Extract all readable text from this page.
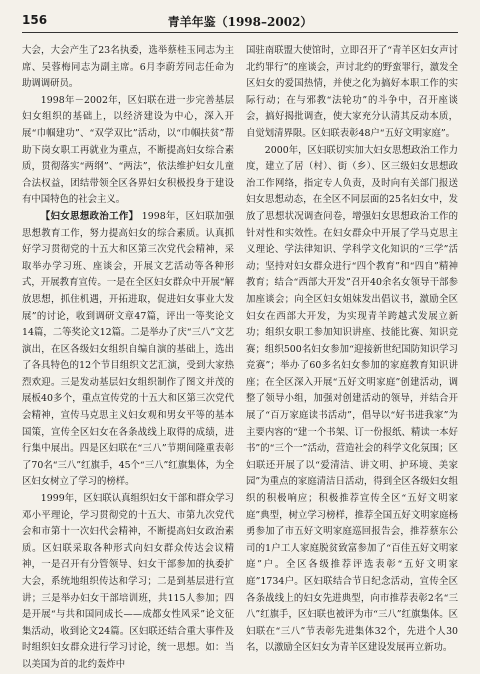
156	青羊年鉴（1998–2002）

大会，大会产生了23名执委，选举蔡桂玉同志为主席、吴蓉梅同志为副主席。6月李蔚芳同志任命为助调调研员。

1998年－2002年，区妇联在进一步完善基层妇女组织的基础上，以经济建设为中心，深入开展“巾帼建功”、“双学双比”活动，以“巾帼扶贫”帮助下岗女职工再就业为重点，不断提高妇女综合素质，贯彻落实“两纲”、“两法”，依法维护妇女儿童合法权益，团结带领全区各界妇女积极投身于建设有中国特色的社会主义。

【妇女思想政治工作】 1998年，区妇联加强思想教育工作，努力提高妇女的综合素质。认真抓好学习贯彻党的十五大和区第三次党代会精神，采取举办学习班、座谈会，开展文艺活动等各种形式，开展教育宣传。一是在全区妇女群众中开展“解放思想，抓住机遇，开拓进取，促进妇女事业大发展”的讨论，收到调研文章47篇，评出一等奖论文14篇，二等奖论文12篇。二是举办了庆“三八”文艺演出，在区各级妇女组织自编自演的基础上，选出了各具特色的12个节目组织文艺汇演，受到大家热烈欢迎。三是发动基层妇女组织制作了图文并茂的展板40多个，重点宣传党的十五大和区第三次党代会精神，宣传马克思主义妇女观和男女平等的基本国策，宣传全区妇女在各条战线上取得的成绩，进行集中展出。四是区妇联在“三八”节期间隆重表彰了70名“三八”红旗手，45个“三八”红旗集体，为全区妇女树立了学习的榜样。

1999年，区妇联认真组织妇女干部和群众学习邓小平理论，学习贯彻党的十五大、市第九次党代会和市第十一次妇代会精神，不断提高妇女政治素质。区妇联采取各种形式向妇女群众传达会议精神，一是召开有分管领导、妇女干部参加的执委扩大会，系统地组织传达和学习；二是到基层进行宣讲；三是举办妇女干部培训班，共115人参加；四是开展“与共和国同成长——成都女性风采”论文征集活动，收到论文24篇。区妇联还结合重大事件及时组织妇女群众进行学习讨论，统一思想。如：当以美国为首的北约轰炸中

国驻南联盟大使馆时，立即召开了“青羊区妇女声讨北约罪行”的座谈会，声讨北约的野蛮罪行，激发全区妇女的爱国热情，并使之化为搞好本职工作的实际行动；在与邪教“法轮功”的斗争中，召开座谈会，搞好揭批调查，使大家充分认清其反动本质，自觉划清界限。区妇联表彰48户“五好文明家庭”。

2000年，区妇联切实加大妇女思想政治工作力度，建立了居（村）、街（乡）、区三级妇女思想政治工作网络，指定专人负责，及时向有关部门报送妇女思想动态，在全区不同层面的25名妇女中，发放了思想状况调查问卷，增强妇女思想政治工作的针对性和实效性。在妇女群众中开展了学马克思主义理论、学法律知识、学科学文化知识的“三学”活动；坚持对妇女群众进行“四个教育”和“四自”精神教育；结合“西部大开发”召开40余名女领导干部参加座谈会；向全区妇女姐妹发出倡议书，激励全区妇女在西部大开发，为实现青羊跨越式发展立新功；组织女职工参加知识讲座、技能比赛、知识竞赛；组织500名妇女参加“迎接新世纪国防知识学习竞赛”；举办了60多名妇女参加的家庭教育知识讲座；在全区深入开展“五好文明家庭”创建活动，调整了领导小组，加强对创建活动的领导，并结合开展了“百万家庭读书活动”，倡导以“好书进我家”为主要内容的“建一个书架、订一份报纸、精读一本好书”的“三个一”活动，营造社会的科学文化氛围；区妇联还开展了以“爱清洁、讲文明、护环境、美家园”为重点的家庭清洁日活动，得到全区各级妇女组织的积极响应；积极推荐宣传全区“五好文明家庭”典型，树立学习榜样，推荐全国五好文明家庭杨勇参加了市五好文明家庭巡回报告会，推荐蔡东公司的1户工人家庭脱贫致富参加了“百佳五好文明家庭”户。全区各级推荐评选表彰“五好文明家庭”1734户。区妇联结合节日纪念活动，宣传全区各条战线上的妇女先进典型，向市推荐表彰2名“三八”红旗手，区妇联也被评为市“三八”红旗集体。区妇联在“三八”节表彰先进集体32个，先进个人30名，以激励全区妇女为青羊区建设发展再立新功。
